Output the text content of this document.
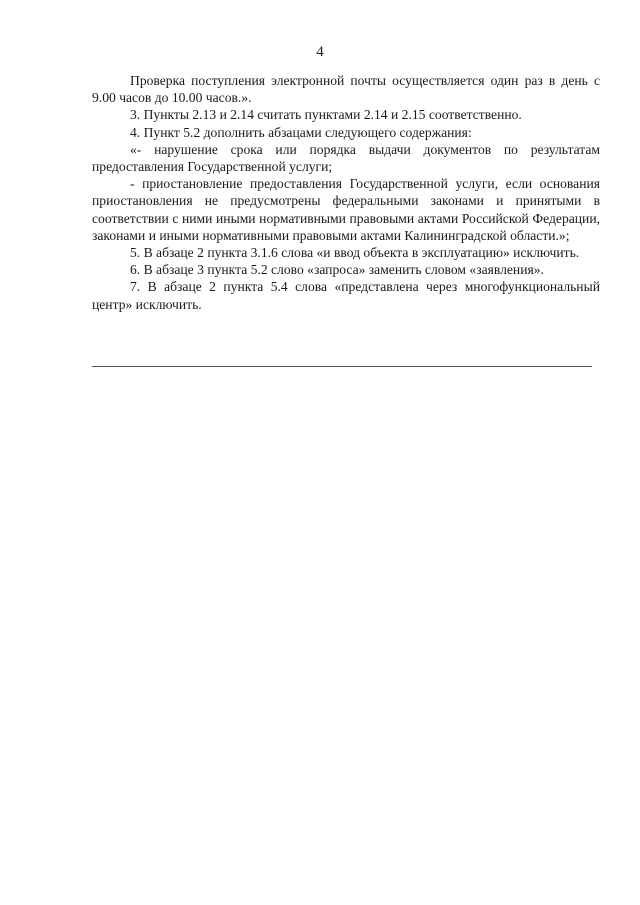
4

Проверка поступления электронной почты осуществляется один раз в день с 9.00 часов до 10.00 часов.».

3. Пункты 2.13 и 2.14 считать пунктами 2.14 и 2.15 соответственно.

4. Пункт 5.2 дополнить абзацами следующего содержания:

«- нарушение срока или порядка выдачи документов по результатам предоставления Государственной услуги;

- приостановление предоставления Государственной услуги, если основания приостановления не предусмотрены федеральными законами и принятыми в соответствии с ними иными нормативными правовыми актами Российской Федерации, законами и иными нормативными правовыми актами Калининградской области.»;

5. В абзаце 2 пункта 3.1.6 слова «и ввод объекта в эксплуатацию» исключить.

6. В абзаце 3 пункта 5.2 слово «запроса» заменить словом «заявления».

7. В абзаце 2 пункта 5.4 слова «представлена через многофункциональный центр» исключить.
